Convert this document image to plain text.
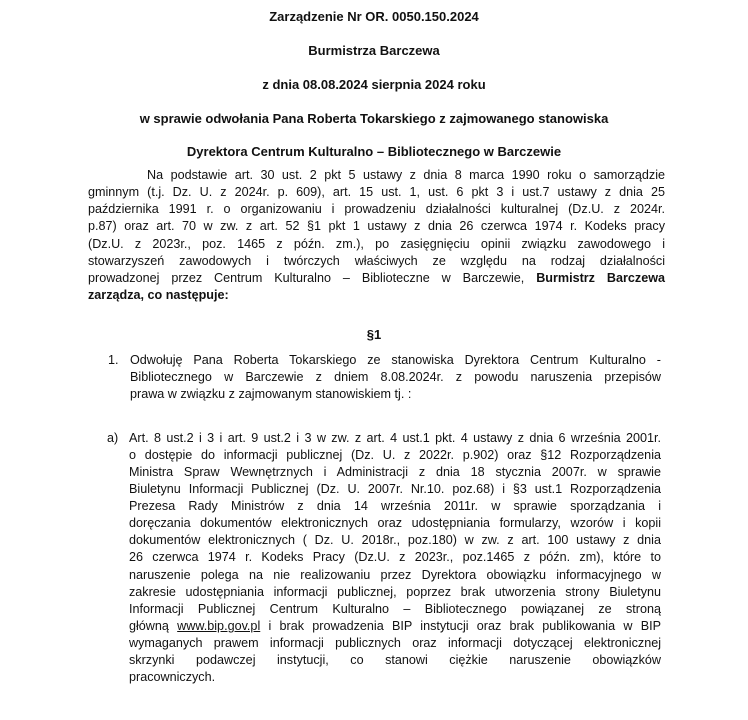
Zarządzenie Nr OR. 0050.150.2024
Burmistrza Barczewa
z dnia 08.08.2024 sierpnia 2024 roku
w sprawie odwołania Pana Roberta Tokarskiego z zajmowanego stanowiska
Dyrektora Centrum Kulturalno – Bibliotecznego w Barczewie
Na podstawie art. 30 ust. 2 pkt 5 ustawy z dnia 8 marca 1990 roku o samorządzie
gminnym (t.j. Dz. U. z 2024r. p. 609), art. 15 ust. 1, ust. 6 pkt 3 i ust.7 ustawy z dnia 25
października 1991 r. o organizowaniu i prowadzeniu działalności kulturalnej (Dz.U. z 2024r.
p.87) oraz art. 70 w zw. z art. 52 §1 pkt 1 ustawy z dnia 26 czerwca 1974 r. Kodeks pracy
(Dz.U. z 2023r., poz. 1465 z późn. zm.), po zasięgnięciu opinii związku zawodowego i
stowarzyszeń zawodowych i twórczych właściwych ze względu na rodzaj działalności
prowadzonej przez Centrum Kulturalno – Biblioteczne w Barczewie, Burmistrz Barczewa
zarządza, co następuje:
§1
1. Odwołuję Pana Roberta Tokarskiego ze stanowiska Dyrektora Centrum Kulturalno -
Bibliotecznego w Barczewie z dniem 8.08.2024r. z powodu naruszenia przepisów
prawa w związku z zajmowanym stanowiskiem tj. :
a) Art. 8 ust.2 i 3 i art. 9 ust.2 i 3 w zw. z art. 4 ust.1 pkt. 4 ustawy z dnia 6 września 2001r.
o dostępie do informacji publicznej (Dz. U. z 2022r. p.902) oraz §12 Rozporządzenia
Ministra Spraw Wewnętrznych i Administracji z dnia 18 stycznia 2007r. w sprawie
Biuletynu Informacji Publicznej (Dz. U. 2007r. Nr.10. poz.68) i §3 ust.1 Rozporządzenia
Prezesa Rady Ministrów z dnia 14 września 2011r. w sprawie sporządzania i
doręczania dokumentów elektronicznych oraz udostępniania formularzy, wzorów i kopii
dokumentów elektronicznych ( Dz. U. 2018r., poz.180) w zw. z art. 100 ustawy z dnia
26 czerwca 1974 r. Kodeks Pracy (Dz.U. z 2023r., poz.1465 z późn. zm), które to
naruszenie polega na nie realizowaniu przez Dyrektora obowiązku informacyjnego w
zakresie udostępniania informacji publicznej, poprzez brak utworzenia strony Biuletynu
Informacji Publicznej Centrum Kulturalno – Bibliotecznego powiązanej ze stroną
główną www.bip.gov.pl i brak prowadzenia BIP instytucji oraz brak publikowania w BIP
wymaganych prawem informacji publicznych oraz informacji dotyczącej elektronicznej
skrzynki podawczej instytucji, co stanowi ciężkie naruszenie obowiązków
pracowniczych.
